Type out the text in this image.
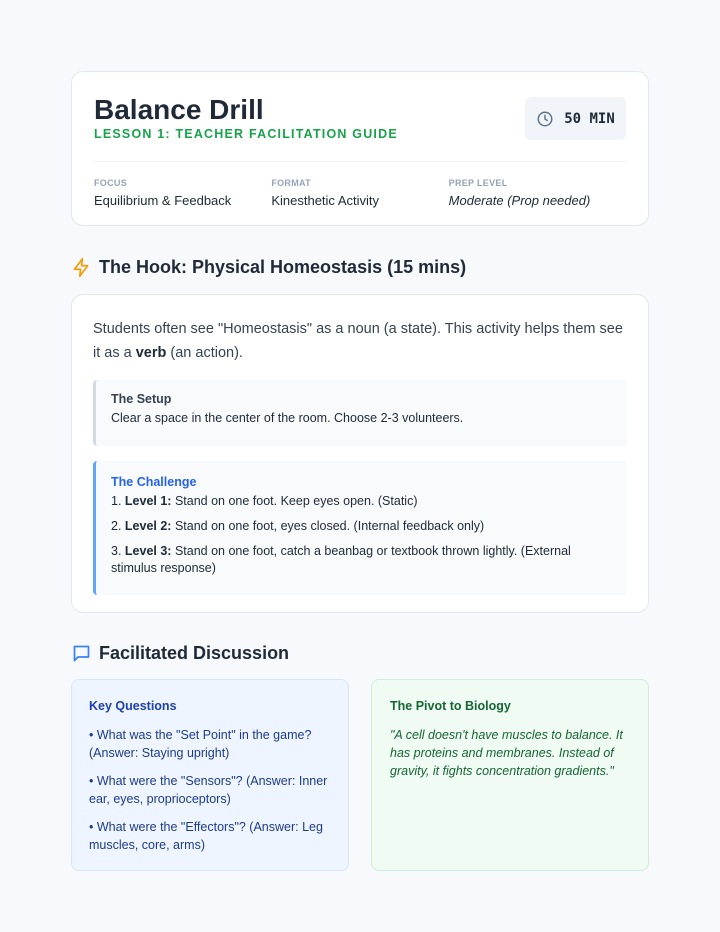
Balance Drill
LESSON 1: TEACHER FACILITATION GUIDE
50 MIN
FOCUS
Equilibrium & Feedback
FORMAT
Kinesthetic Activity
PREP LEVEL
Moderate (Prop needed)
The Hook: Physical Homeostasis (15 mins)

Students often see "Homeostasis" as a noun (a state). This activity helps them see it as a verb (an action).

The Setup
Clear a space in the center of the room. Choose 2-3 volunteers.
The Challenge
1. Level 1: Stand on one foot. Keep eyes open. (Static)
2. Level 2: Stand on one foot, eyes closed. (Internal feedback only)
3. Level 3: Stand on one foot, catch a beanbag or textbook thrown lightly. (External stimulus response)
Facilitated Discussion
Key Questions
• What was the "Set Point" in the game? (Answer: Staying upright)
• What were the "Sensors"? (Answer: Inner ear, eyes, proprioceptors)
• What were the "Effectors"? (Answer: Leg muscles, core, arms)
The Pivot to Biology
"A cell doesn't have muscles to balance. It has proteins and membranes. Instead of gravity, it fights concentration gradients."
